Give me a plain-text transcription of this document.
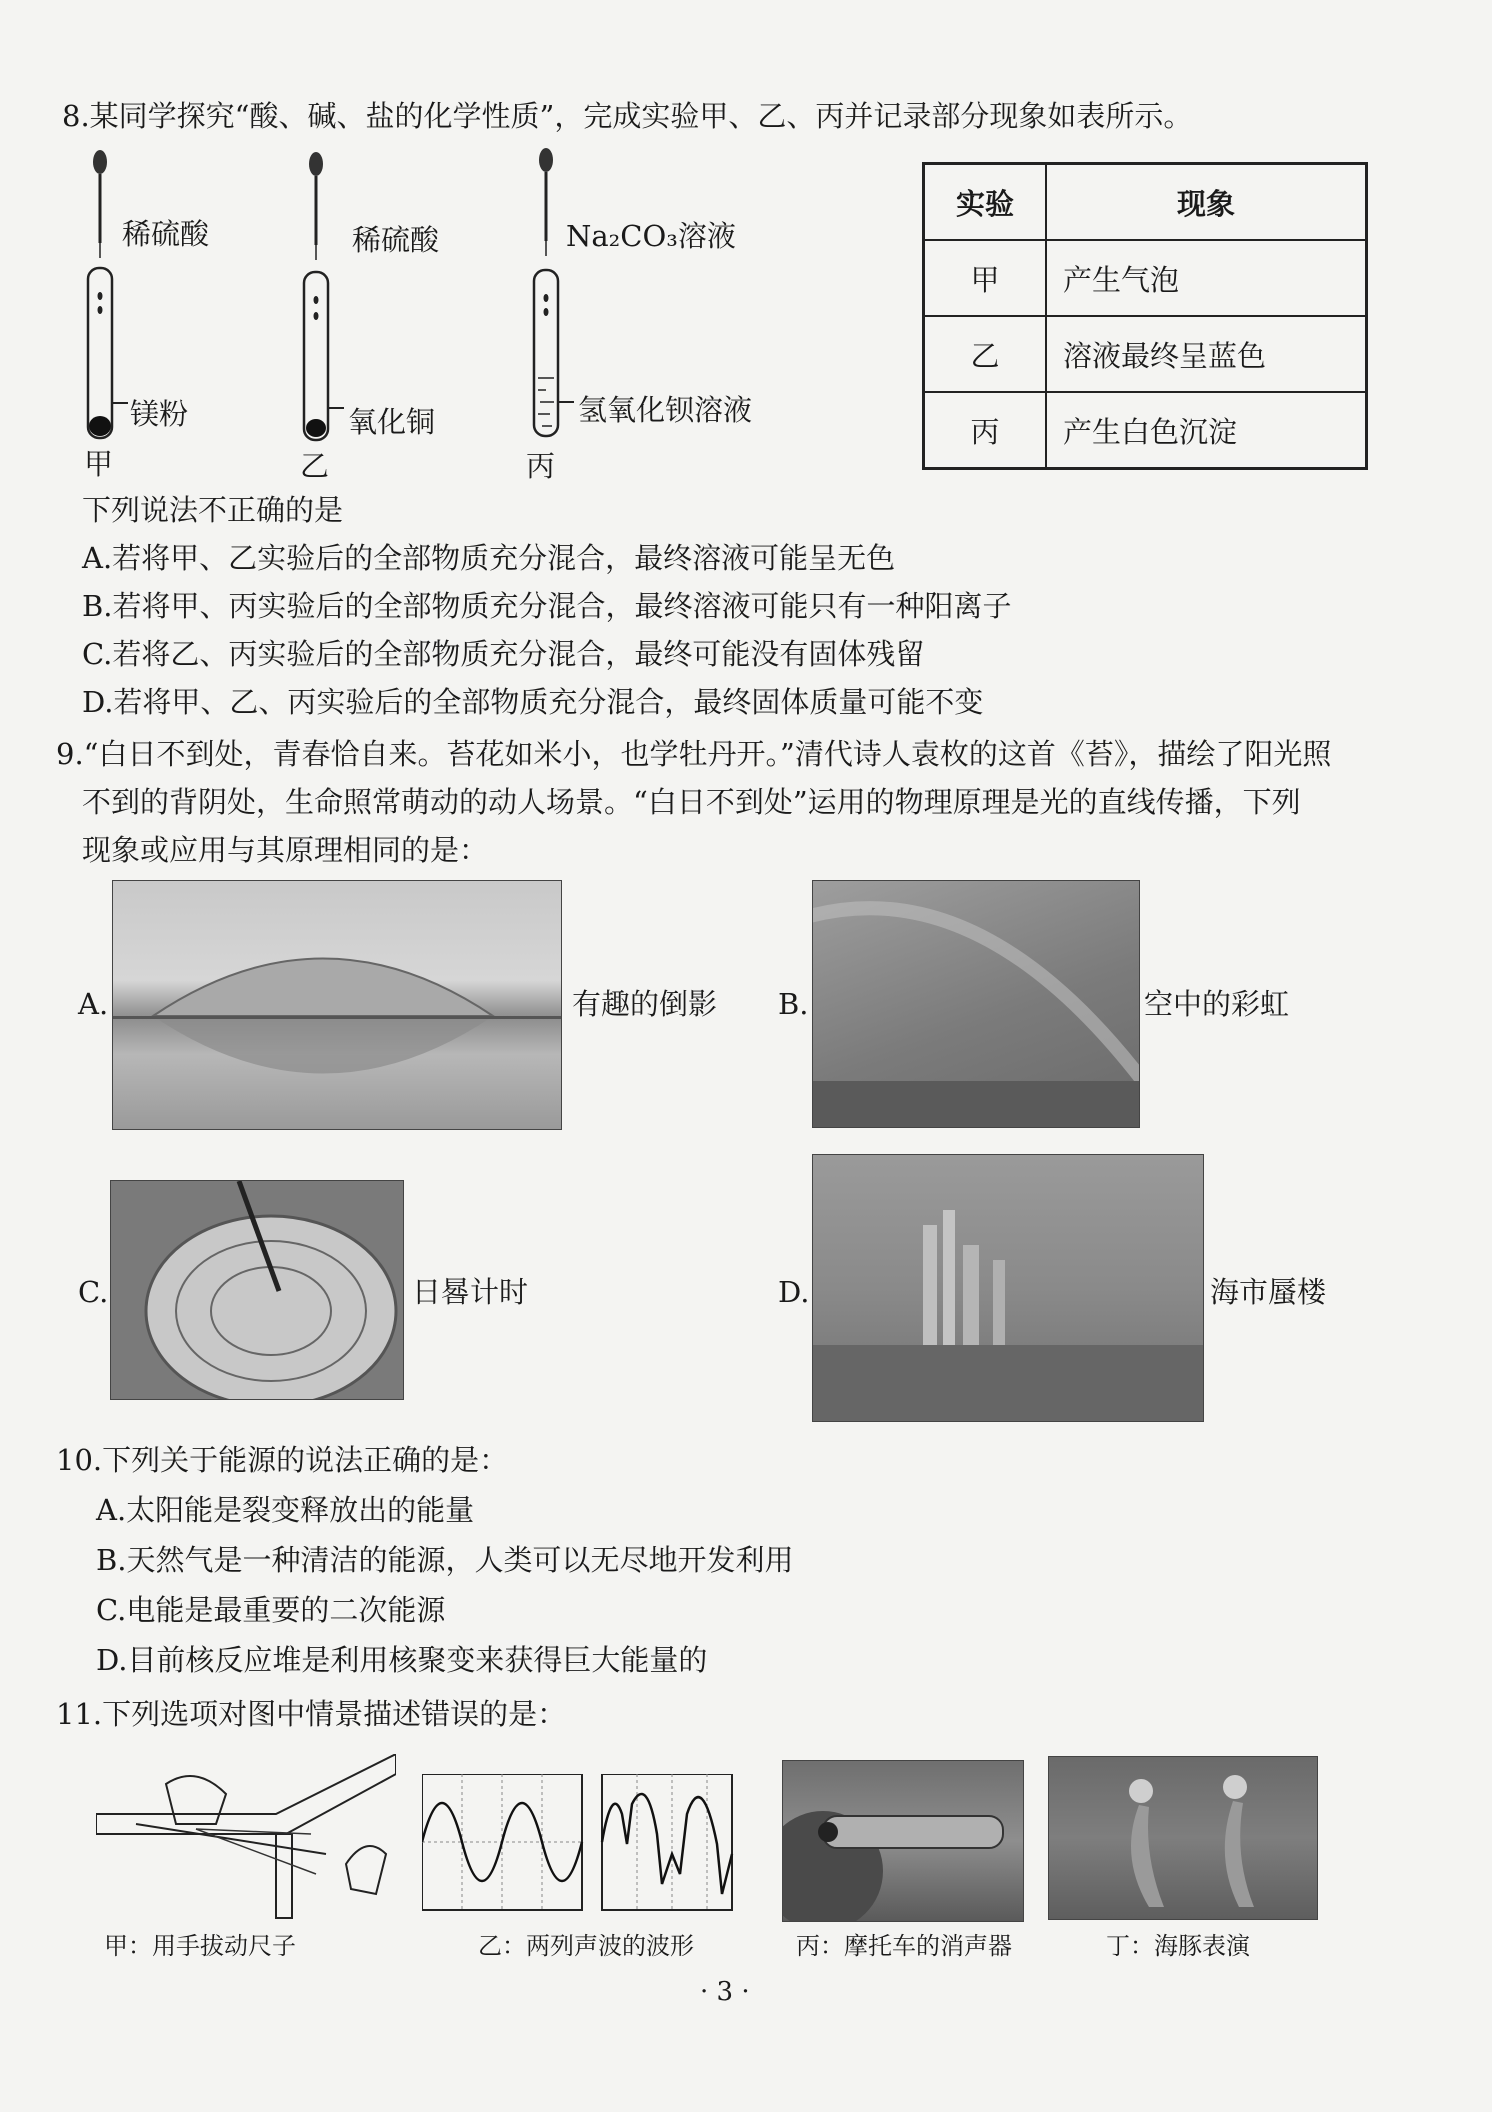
8.某同学探究“酸、碱、盐的化学性质”，完成实验甲、乙、丙并记录部分现象如表所示。
稀硫酸
镁粉
甲
稀硫酸
氧化铜
乙
Na₂CO₃溶液
氢氧化钡溶液
丙
实验	现象
甲	产生气泡
乙	溶液最终呈蓝色
丙	产生白色沉淀
下列说法不正确的是
A.若将甲、乙实验后的全部物质充分混合，最终溶液可能呈无色
B.若将甲、丙实验后的全部物质充分混合，最终溶液可能只有一种阳离子
C.若将乙、丙实验后的全部物质充分混合，最终可能没有固体残留
D.若将甲、乙、丙实验后的全部物质充分混合，最终固体质量可能不变
9.“白日不到处，青春恰自来。苔花如米小，也学牡丹开。”清代诗人袁枚的这首《苔》，描绘了阳光照
不到的背阴处，生命照常萌动的动人场景。“白日不到处”运用的物理原理是光的直线传播，下列
现象或应用与其原理相同的是：
A.	有趣的倒影 B.	空中的彩虹
C.	日晷计时	D.	海市蜃楼
10.下列关于能源的说法正确的是：
A.太阳能是裂变释放出的能量
B.天然气是一种清洁的能源，人类可以无尽地开发利用
C.电能是最重要的二次能源
D.目前核反应堆是利用核聚变来获得巨大能量的
11.下列选项对图中情景描述错误的是：
甲：用手拔动尺子	乙：两列声波的波形	丙：摩托车的消声器	丁：海豚表演
· 3 ·
